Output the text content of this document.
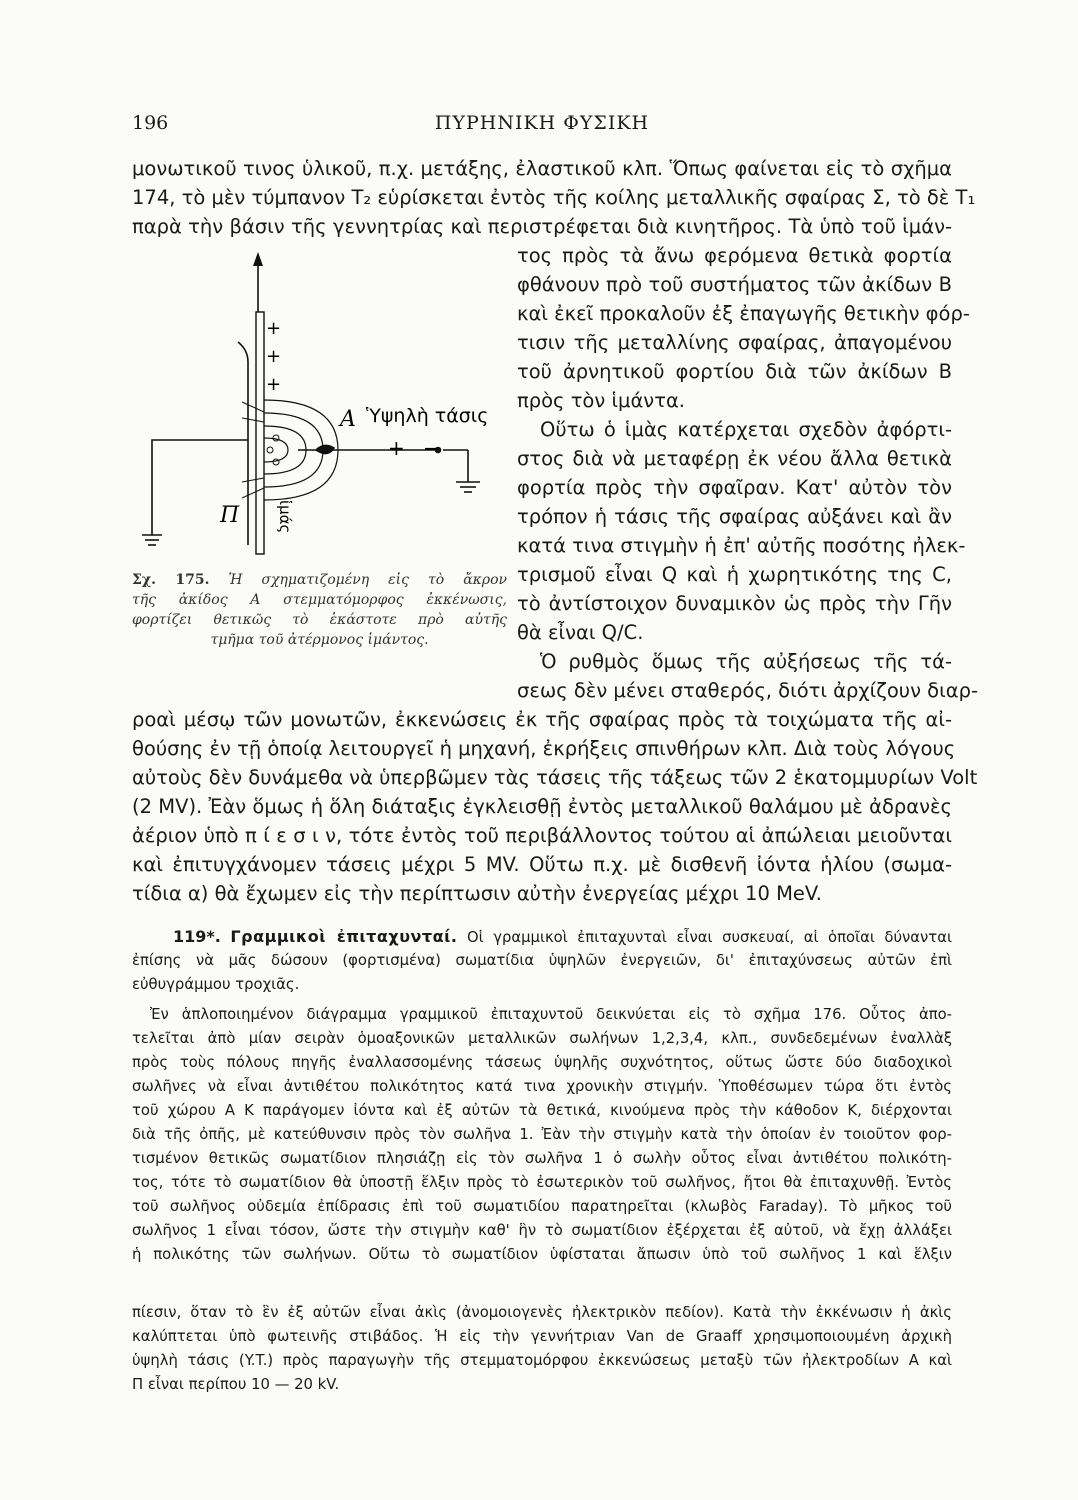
196	ΠΥΡΗΝΙΚΗ ΦΥΣΙΚΗ
μονωτικοῦ τινος ὑλικοῦ, π.χ. μετάξης, ἐλαστικοῦ κλπ. Ὅπως φαίνεται εἰς τὸ σχῆμα
174, τὸ μὲν τύμπανον T₂ εὑρίσκεται ἐντὸς τῆς κοίλης μεταλλικῆς σφαίρας Σ, τὸ δὲ T₁
παρὰ τὴν βάσιν τῆς γεννητρίας καὶ περιστρέφεται διὰ κινητῆρος. Τὰ ὑπὸ τοῦ ἱμάν-
τος πρὸς τὰ ἄνω φερόμενα θετικὰ φορτία
φθάνουν πρὸ τοῦ συστήματος τῶν ἀκίδων B
καὶ ἐκεῖ προκαλοῦν ἐξ ἐπαγωγῆς θετικὴν φόρ-
τισιν τῆς μεταλλίνης σφαίρας, ἀπαγομένου
τοῦ ἀρνητικοῦ φορτίου διὰ τῶν ἀκίδων B
πρὸς τὸν ἱμάντα.
Οὕτω ὁ ἱμὰς κατέρχεται σχεδὸν ἀφόρτι-
στος διὰ νὰ μεταφέρῃ ἐκ νέου ἄλλα θετικὰ
φορτία πρὸς τὴν σφαῖραν. Κατ' αὐτὸν τὸν
τρόπον ἡ τάσις τῆς σφαίρας αὐξάνει καὶ ἂν
κατά τινα στιγμὴν ἡ ἐπ' αὐτῆς ποσότης ἠλεκ-
τρισμοῦ εἶναι Q καὶ ἡ χωρητικότης της C,
τὸ ἀντίστοιχον δυναμικὸν ὡς πρὸς τὴν Γῆν
θὰ εἶναι Q/C.
Ὁ ρυθμὸς ὅμως τῆς αὐξήσεως τῆς τά-
σεως δὲν μένει σταθερός, διότι ἀρχίζουν διαρ-
+
+
+
A Ὑψηλὴ τάσις
+ −
Π ἱμάς
Σχ. 175. Ἡ σχηματιζομένη εἰς τὸ ἄκρον
τῆς ἀκίδος A στεμματόμορφος ἐκκένωσις,
φορτίζει θετικῶς τὸ ἑκάστοτε πρὸ αὐτῆς
τμῆμα τοῦ ἀτέρμονος ἱμάντος.
ροαὶ μέσῳ τῶν μονωτῶν, ἐκκενώσεις ἐκ τῆς σφαίρας πρὸς τὰ τοιχώματα τῆς αἰ-
θούσης ἐν τῇ ὁποίᾳ λειτουργεῖ ἡ μηχανή, ἐκρήξεις σπινθήρων κλπ. Διὰ τοὺς λόγους
αὐτοὺς δὲν δυνάμεθα νὰ ὑπερβῶμεν τὰς τάσεις τῆς τάξεως τῶν 2 ἑκατομμυρίων Volt
(2 MV). Ἐὰν ὅμως ἡ ὅλη διάταξις ἐγκλεισθῇ ἐντὸς μεταλλικοῦ θαλάμου μὲ ἀδρανὲς
ἀέριον ὑπὸ π ί ε σ ι ν, τότε ἐντὸς τοῦ περιβάλλοντος τούτου αἱ ἀπώλειαι μειοῦνται
καὶ ἐπιτυγχάνομεν τάσεις μέχρι 5 MV. Οὕτω π.χ. μὲ δισθενῆ ἰόντα ἡλίου (σωμα-
τίδια α) θὰ ἔχωμεν εἰς τὴν περίπτωσιν αὐτὴν ἐνεργείας μέχρι 10 MeV.
119*. Γραμμικοὶ ἐπιταχυνταί. Οἱ γραμμικοὶ ἐπιταχυνταὶ εἶναι συσκευαί, αἱ ὁποῖαι δύνανται
ἐπίσης νὰ μᾶς δώσουν (φορτισμένα) σωματίδια ὑψηλῶν ἐνεργειῶν, δι' ἐπιταχύνσεως αὐτῶν ἐπὶ
εὐθυγράμμου τροχιᾶς.
Ἐν ἁπλοποιημένον διάγραμμα γραμμικοῦ ἐπιταχυντοῦ δεικνύεται εἰς τὸ σχῆμα 176. Οὗτος ἀπο-
τελεῖται ἀπὸ μίαν σειρὰν ὁμοαξονικῶν μεταλλικῶν σωλήνων 1,2,3,4, κλπ., συνδεδεμένων ἐναλλὰξ
πρὸς τοὺς πόλους πηγῆς ἐναλλασσομένης τάσεως ὑψηλῆς συχνότητος, οὕτως ὥστε δύο διαδοχικοὶ
σωλῆνες νὰ εἶναι ἀντιθέτου πολικότητος κατά τινα χρονικὴν στιγμήν. Ὑποθέσωμεν τώρα ὅτι ἐντὸς
τοῦ χώρου A K παράγομεν ἰόντα καὶ ἐξ αὐτῶν τὰ θετικά, κινούμενα πρὸς τὴν κάθοδον K, διέρχονται
διὰ τῆς ὀπῆς, μὲ κατεύθυνσιν πρὸς τὸν σωλῆνα 1. Ἐὰν τὴν στιγμὴν κατὰ τὴν ὁποίαν ἐν τοιοῦτον φορ-
τισμένον θετικῶς σωματίδιον πλησιάζῃ εἰς τὸν σωλῆνα 1 ὁ σωλὴν οὗτος εἶναι ἀντιθέτου πολικότη-
τος, τότε τὸ σωματίδιον θὰ ὑποστῇ ἕλξιν πρὸς τὸ ἐσωτερικὸν τοῦ σωλῆνος, ἤτοι θὰ ἐπιταχυνθῇ. Ἐντὸς
τοῦ σωλῆνος οὐδεμία ἐπίδρασις ἐπὶ τοῦ σωματιδίου παρατηρεῖται (κλωβὸς Faraday). Τὸ μῆκος τοῦ
σωλῆνος 1 εἶναι τόσον, ὥστε τὴν στιγμὴν καθ' ἣν τὸ σωματίδιον ἐξέρχεται ἐξ αὐτοῦ, νὰ ἔχῃ ἀλλάξει
ἡ πολικότης τῶν σωλήνων. Οὕτω τὸ σωματίδιον ὑφίσταται ἄπωσιν ὑπὸ τοῦ σωλῆνος 1 καὶ ἕλξιν
πίεσιν, ὅταν τὸ ἓν ἐξ αὐτῶν εἶναι ἀκὶς (ἀνομοιογενὲς ἠλεκτρικὸν πεδίον). Κατὰ τὴν ἐκκένωσιν ἡ ἀκὶς
καλύπτεται ὑπὸ φωτεινῆς στιβάδος. Ἡ εἰς τὴν γεννήτριαν Van de Graaff χρησιμοποιουμένη ἀρχικὴ
ὑψηλὴ τάσις (Y.T.) πρὸς παραγωγὴν τῆς στεμματομόρφου ἐκκενώσεως μεταξὺ τῶν ἠλεκτροδίων A καὶ
Π εἶναι περίπου 10 — 20 kV.
